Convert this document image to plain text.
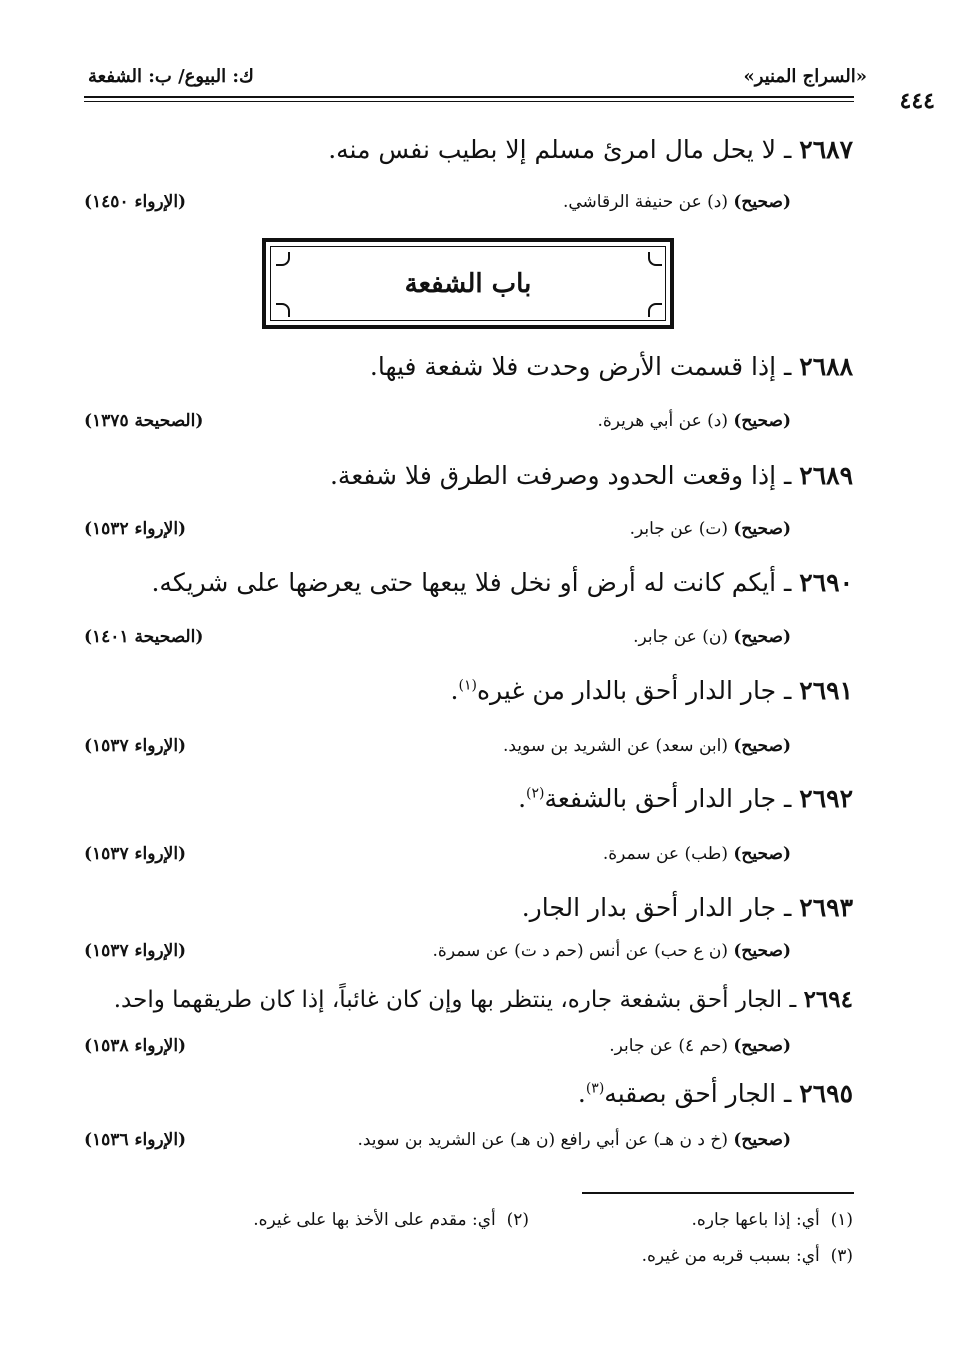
٤٤٤
«السراج المنير»
ك: البيوع/ ب: الشفعة
٢٦٨٧ ـ لا يحل مال امرئ مسلم إلا بطيب نفس منه.
(صحيح) (د) عن حنيفة الرقاشي.
(الإرواء ١٤٥٠)
باب الشفعة
٢٦٨٨ ـ إذا قسمت الأرض وحدت فلا شفعة فيها.
(صحيح) (د) عن أبي هريرة.
(الصحيحة ١٣٧٥)
٢٦٨٩ ـ إذا وقعت الحدود وصرفت الطرق فلا شفعة.
(صحيح) (ت) عن جابر.
(الإرواء ١٥٣٢)
٢٦٩٠ ـ أيكم كانت له أرض أو نخل فلا يبعها حتى يعرضها على شريكه.
(صحيح) (ن) عن جابر.
(الصحيحة ١٤٠١)
٢٦٩١ ـ جار الدار أحق بالدار من غيره$^{(١)}$.
(صحيح) (ابن سعد) عن الشريد بن سويد.
(الإرواء ١٥٣٧)
٢٦٩٢ ـ جار الدار أحق بالشفعة$^{(٢)}$.
(صحيح) (طب) عن سمرة.
(الإرواء ١٥٣٧)
٢٦٩٣ ـ جار الدار أحق بدار الجار.
(صحيح) (ن ع حب) عن أنس (حم د ت) عن سمرة.
(الإرواء ١٥٣٧)
٢٦٩٤ ـ الجار أحق بشفعة جاره، ينتظر بها وإن كان غائباً، إذا كان طريقهما واحد.
(صحيح) (حم ٤) عن جابر.
(الإرواء ١٥٣٨)
٢٦٩٥ ـ الجار أحق بصقبه$^{(٣)}$.
(صحيح) (خ د ن هـ) عن أبي رافع (ن هـ) عن الشريد بن سويد.
(الإرواء ١٥٣٦)
(١)  أي: إذا باعها جاره.
(٢)  أي: مقدم على الأخذ بها على غيره.
(٣)  أي: بسبب قربه من غيره.
